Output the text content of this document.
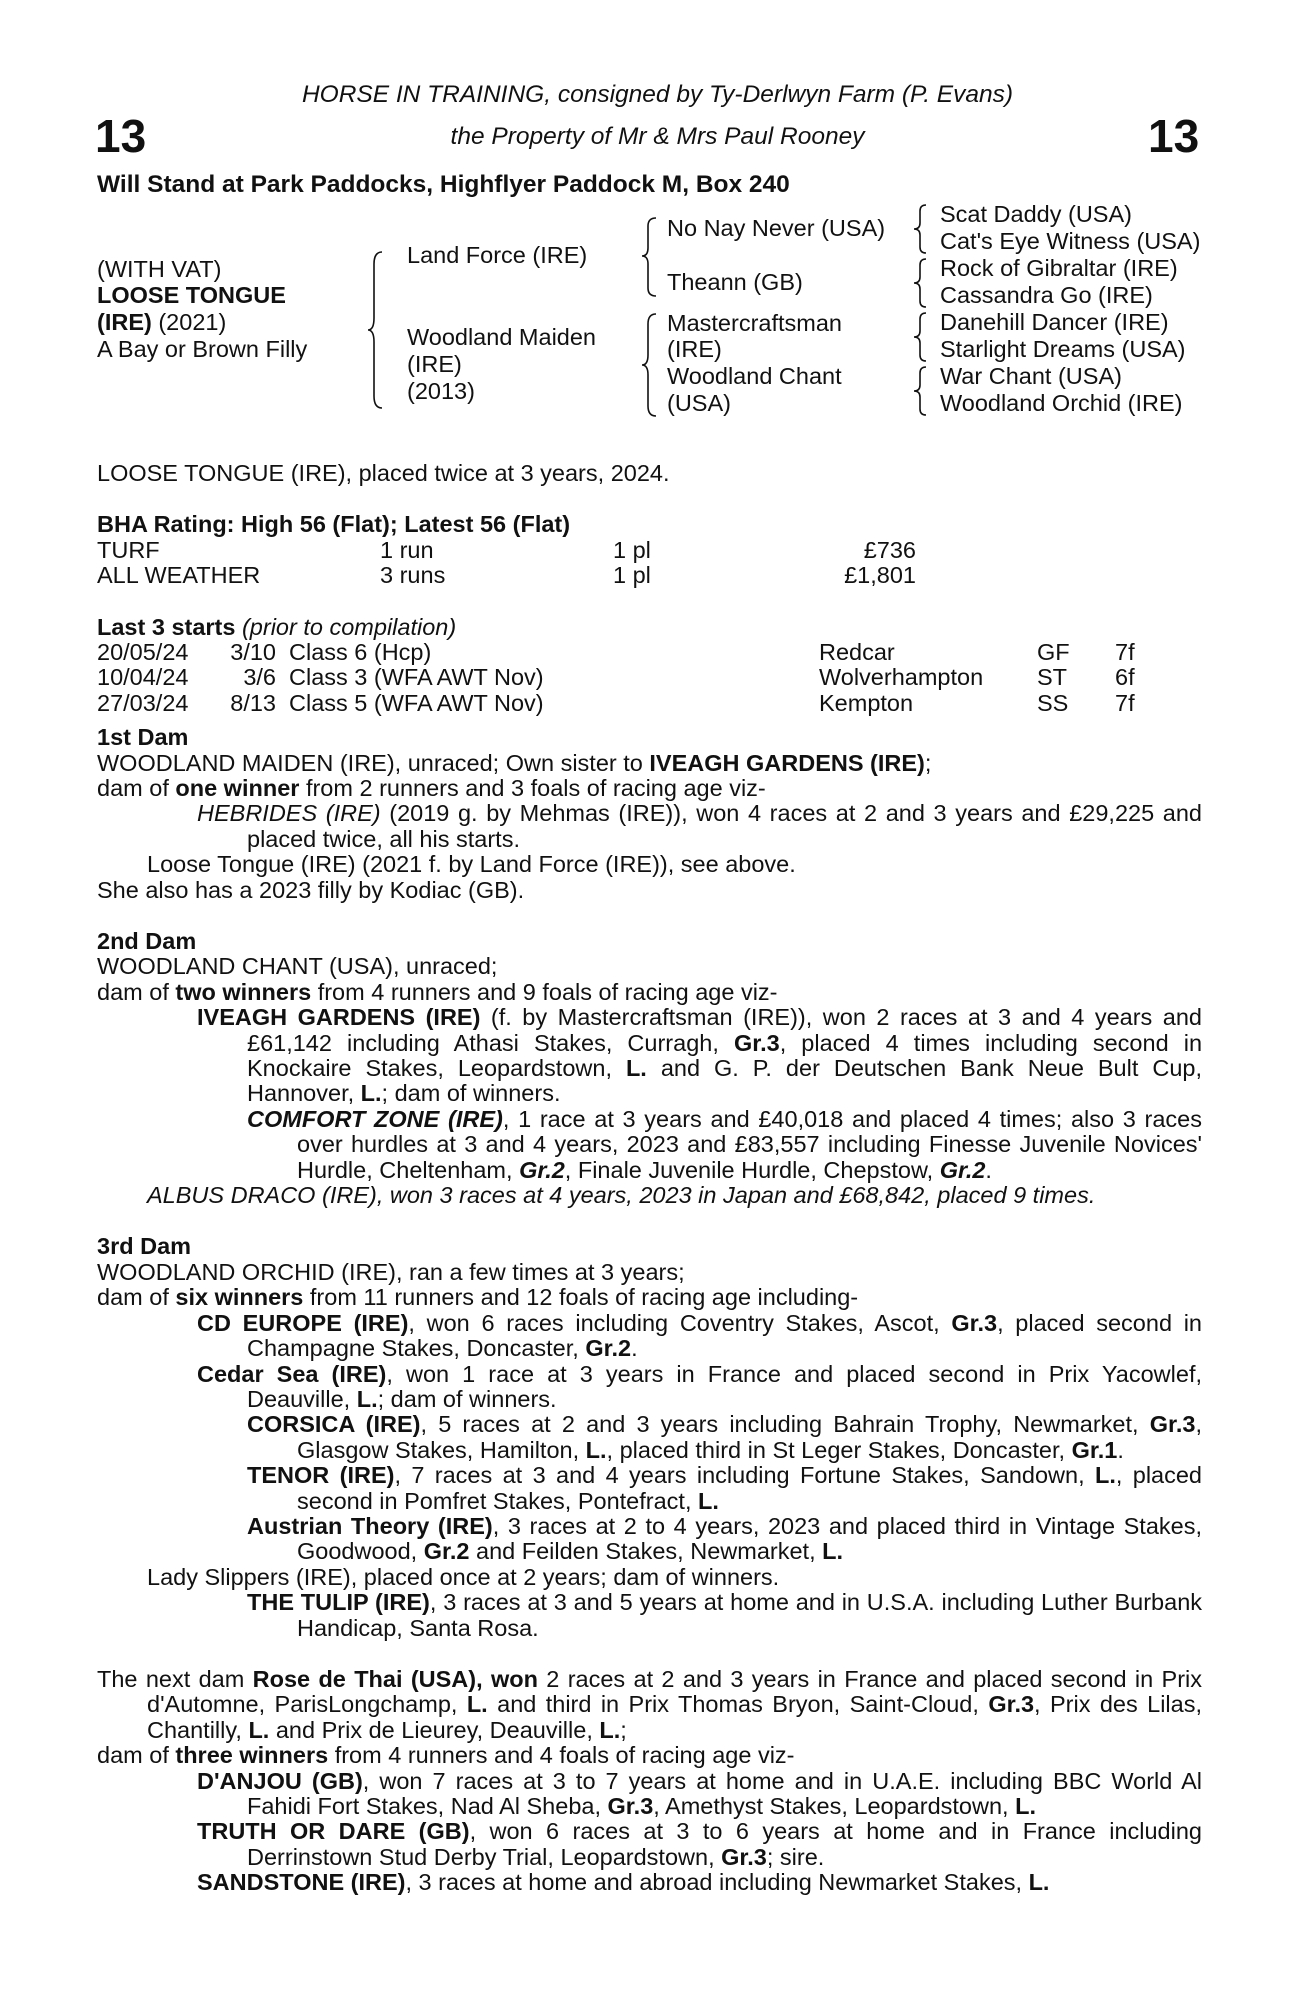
HORSE IN TRAINING, consigned by Ty-Derlwyn Farm (P. Evans)
the Property of Mr & Mrs Paul Rooney
13	13
Will Stand at Park Paddocks, Highflyer Paddock M, Box 240
(WITH VAT)
LOOSE TONGUE
(IRE) (2021)
A Bay or Brown Filly
Land Force (IRE)
Woodland Maiden
(IRE)
(2013)
No Nay Never (USA)
Theann (GB)
Mastercraftsman
(IRE)
Woodland Chant
(USA)
Scat Daddy (USA)
Cat's Eye Witness (USA)
Rock of Gibraltar (IRE)
Cassandra Go (IRE)
Danehill Dancer (IRE)
Starlight Dreams (USA)
War Chant (USA)
Woodland Orchid (IRE)

LOOSE TONGUE (IRE), placed twice at 3 years, 2024.

BHA Rating: High 56 (Flat); Latest 56 (Flat)

TURF	1 run	1 pl	£736
ALL WEATHER	3 runs	1 pl	£1,801

Last 3 starts (prior to compilation)

20/05/24 3/10 Class 6 (Hcp)	Redcar	GF 7f
10/04/24 3/6 Class 3 (WFA AWT Nov)	Wolverhampton ST 6f
27/03/24 8/13 Class 5 (WFA AWT Nov)	Kempton	SS 7f

1st Dam

WOODLAND MAIDEN (IRE), unraced; Own sister to IVEAGH GARDENS (IRE);

dam of one winner from 2 runners and 3 foals of racing age viz-

HEBRIDES (IRE) (2019 g. by Mehmas (IRE)), won 4 races at 2 and 3 years and £29,225 and placed twice, all his starts.

Loose Tongue (IRE) (2021 f. by Land Force (IRE)), see above.

She also has a 2023 filly by Kodiac (GB).

2nd Dam

WOODLAND CHANT (USA), unraced;

dam of two winners from 4 runners and 9 foals of racing age viz-

IVEAGH GARDENS (IRE) (f. by Mastercraftsman (IRE)), won 2 races at 3 and 4 years and £61,142 including Athasi Stakes, Curragh, Gr.3, placed 4 times including second in Knockaire Stakes, Leopardstown, L. and G. P. der Deutschen Bank Neue Bult Cup, Hannover, L.; dam of winners.

COMFORT ZONE (IRE), 1 race at 3 years and £40,018 and placed 4 times; also 3 races over hurdles at 3 and 4 years, 2023 and £83,557 including Finesse Juvenile Novices' Hurdle, Cheltenham, Gr.2, Finale Juvenile Hurdle, Chepstow, Gr.2.

ALBUS DRACO (IRE), won 3 races at 4 years, 2023 in Japan and £68,842, placed 9 times.

3rd Dam

WOODLAND ORCHID (IRE), ran a few times at 3 years;

dam of six winners from 11 runners and 12 foals of racing age including-

CD EUROPE (IRE), won 6 races including Coventry Stakes, Ascot, Gr.3, placed second in Champagne Stakes, Doncaster, Gr.2.

Cedar Sea (IRE), won 1 race at 3 years in France and placed second in Prix Yacowlef, Deauville, L.; dam of winners.

CORSICA (IRE), 5 races at 2 and 3 years including Bahrain Trophy, Newmarket, Gr.3, Glasgow Stakes, Hamilton, L., placed third in St Leger Stakes, Doncaster, Gr.1.

TENOR (IRE), 7 races at 3 and 4 years including Fortune Stakes, Sandown, L., placed second in Pomfret Stakes, Pontefract, L.

Austrian Theory (IRE), 3 races at 2 to 4 years, 2023 and placed third in Vintage Stakes, Goodwood, Gr.2 and Feilden Stakes, Newmarket, L.

Lady Slippers (IRE), placed once at 2 years; dam of winners.

THE TULIP (IRE), 3 races at 3 and 5 years at home and in U.S.A. including Luther Burbank Handicap, Santa Rosa.

The next dam Rose de Thai (USA), won 2 races at 2 and 3 years in France and placed second in Prix d'Automne, ParisLongchamp, L. and third in Prix Thomas Bryon, Saint-Cloud, Gr.3, Prix des Lilas, Chantilly, L. and Prix de Lieurey, Deauville, L.;

dam of three winners from 4 runners and 4 foals of racing age viz-

D'ANJOU (GB), won 7 races at 3 to 7 years at home and in U.A.E. including BBC World Al Fahidi Fort Stakes, Nad Al Sheba, Gr.3, Amethyst Stakes, Leopardstown, L.

TRUTH OR DARE (GB), won 6 races at 3 to 6 years at home and in France including Derrinstown Stud Derby Trial, Leopardstown, Gr.3; sire.

SANDSTONE (IRE), 3 races at home and abroad including Newmarket Stakes, L.
